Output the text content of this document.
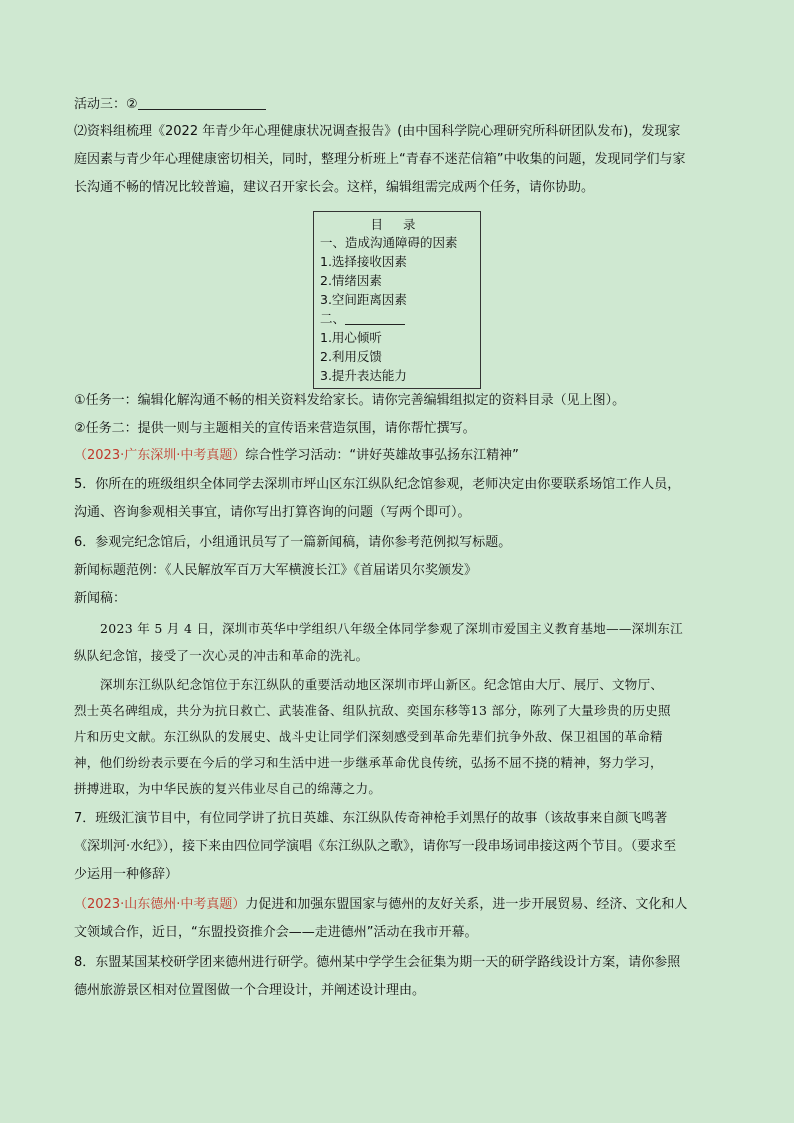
活动三：②
⑵资料组梳理《2022 年青少年心理健康状况调查报告》(由中国科学院心理研究所科研团队发布)，发现家
庭因素与青少年心理健康密切相关，同时，整理分析班上“青春不迷茫信箱”中收集的问题，发现同学们与家
长沟通不畅的情况比较普遍，建议召开家长会。这样，编辑组需完成两个任务，请你协助。
目 录
一、造成沟通障碍的因素
1.选择接收因素
2.情绪因素
3.空间距离因素
二、
1.用心倾听
2.利用反馈
3.提升表达能力
①任务一：编辑化解沟通不畅的相关资料发给家长。请你完善编辑组拟定的资料目录（见上图）。
②任务二：提供一则与主题相关的宣传语来营造氛围，请你帮忙撰写。
（2023·广东深圳·中考真题）综合性学习活动：“讲好英雄故事弘扬东江精神”
5．你所在的班级组织全体同学去深圳市坪山区东江纵队纪念馆参观，老师决定由你要联系场馆工作人员，
沟通、咨询参观相关事宜，请你写出打算咨询的问题（写两个即可）。
6．参观完纪念馆后，小组通讯员写了一篇新闻稿，请你参考范例拟写标题。
新闻标题范例：《人民解放军百万大军横渡长江》《首届诺贝尔奖颁发》
新闻稿：
2023 年 5 月 4 日，深圳市英华中学组织八年级全体同学参观了深圳市爱国主义教育基地——深圳东江
纵队纪念馆，接受了一次心灵的冲击和革命的洗礼。
深圳东江纵队纪念馆位于东江纵队的重要活动地区深圳市坪山新区。纪念馆由大厅、展厅、文物厅、
烈士英名碑组成，共分为抗日救亡、武装准备、组队抗敌、奕国东移等13 部分，陈列了大量珍贵的历史照
片和历史文献。东江纵队的发展史、战斗史让同学们深刻感受到革命先辈们抗争外敌、保卫祖国的革命精
神，他们纷纷表示要在今后的学习和生活中进一步继承革命优良传统，弘扬不屈不挠的精神，努力学习，
拼搏进取，为中华民族的复兴伟业尽自己的绵薄之力。
7．班级汇演节目中，有位同学讲了抗日英雄、东江纵队传奇神枪手刘黑仔的故事（该故事来自颜飞鸣著
《深圳河·水纪》），接下来由四位同学演唱《东江纵队之歌》，请你写一段串场词串接这两个节目。（要求至
少运用一种修辞）
（2023·山东德州·中考真题）力促进和加强东盟国家与德州的友好关系，进一步开展贸易、经济、文化和人
文领域合作，近日，“东盟投资推介会——走进德州”活动在我市开幕。
8．东盟某国某校研学团来德州进行研学。德州某中学学生会征集为期一天的研学路线设计方案，请你参照
德州旅游景区相对位置图做一个合理设计，并阐述设计理由。
